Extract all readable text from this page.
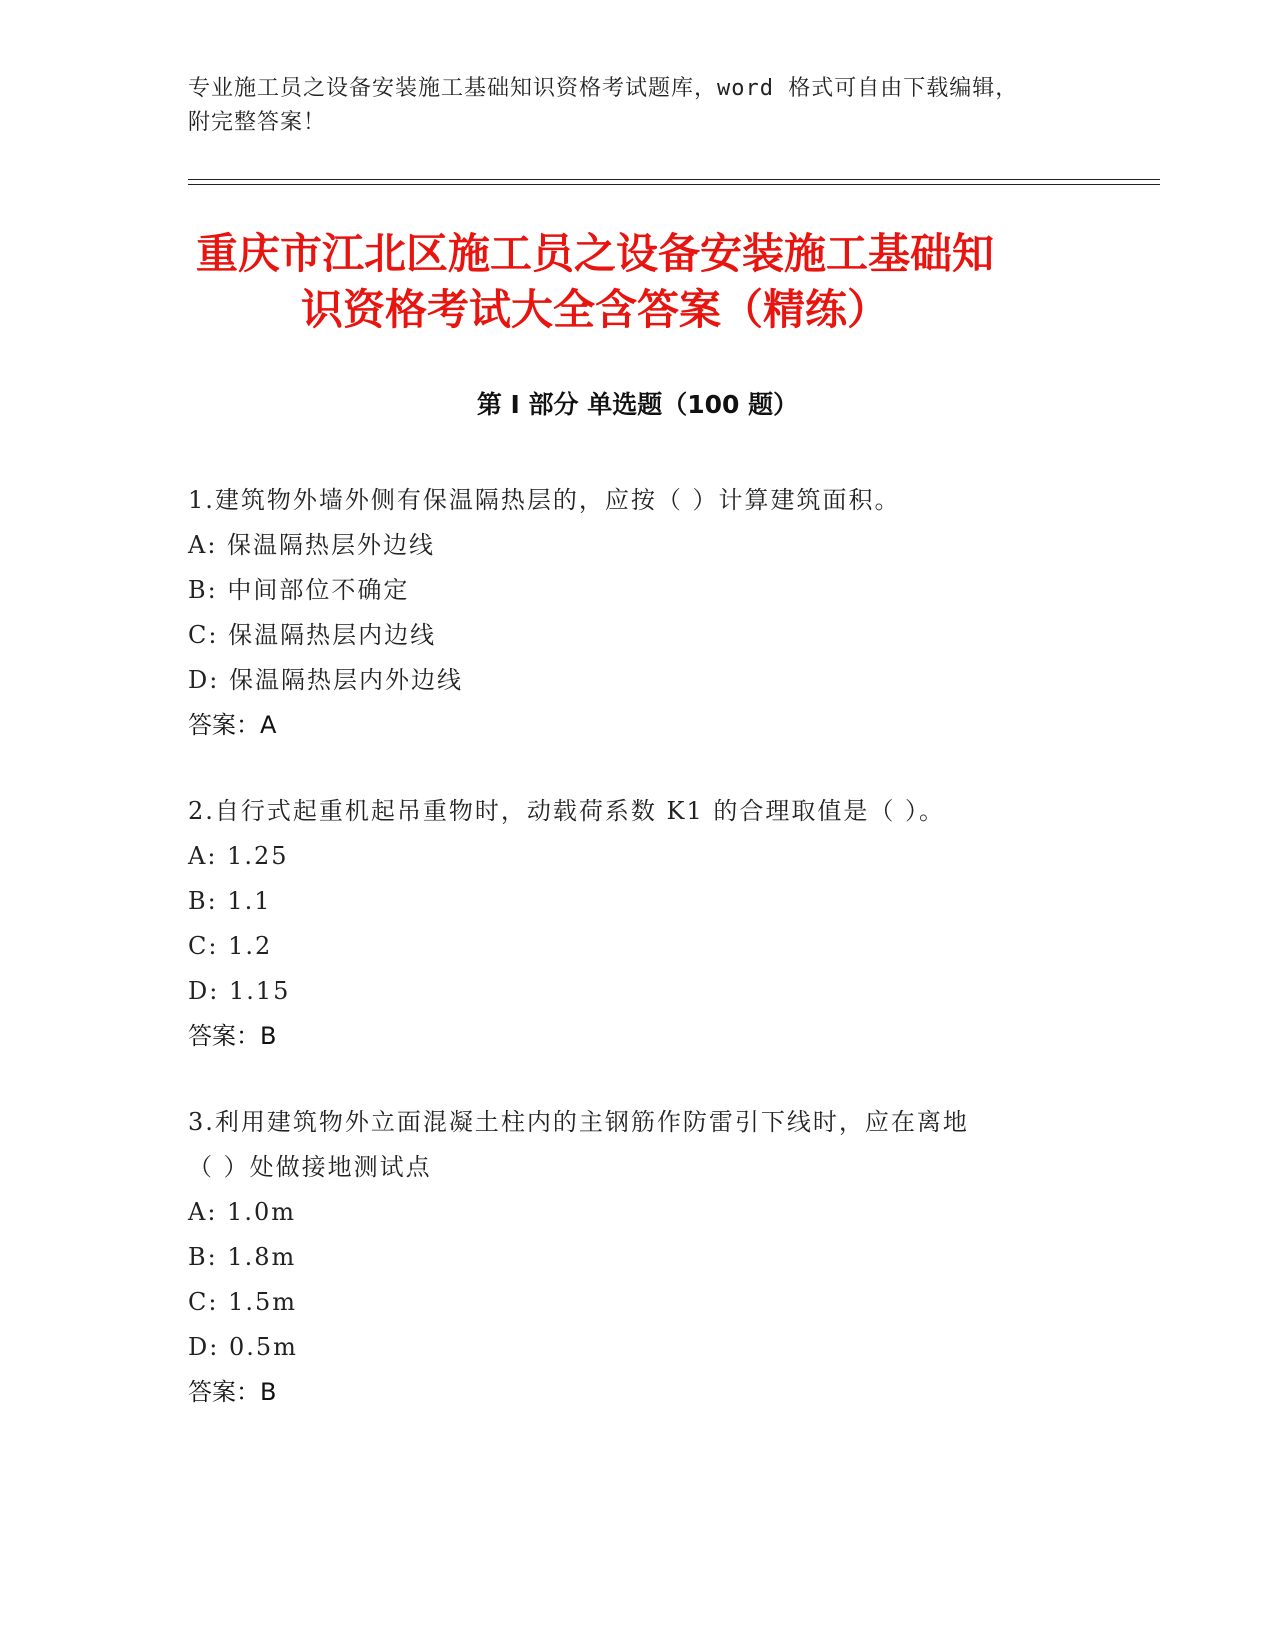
专业施工员之设备安装施工基础知识资格考试题库，word 格式可自由下载编辑，
附完整答案！
重庆市江北区施工员之设备安装施工基础知
识资格考试大全含答案（精练）
第 I 部分 单选题（100 题）
1.建筑物外墙外侧有保温隔热层的，应按（ ）计算建筑面积。
A: 保温隔热层外边线
B: 中间部位不确定
C: 保温隔热层内边线
D: 保温隔热层内外边线
答案：A
2.自行式起重机起吊重物时，动载荷系数 K1 的合理取值是（ ）。
A: 1.25
B: 1.1
C: 1.2
D: 1.15
答案：B
3.利用建筑物外立面混凝土柱内的主钢筋作防雷引下线时，应在离地
（ ）处做接地测试点
A: 1.0m
B: 1.8m
C: 1.5m
D: 0.5m
答案：B
